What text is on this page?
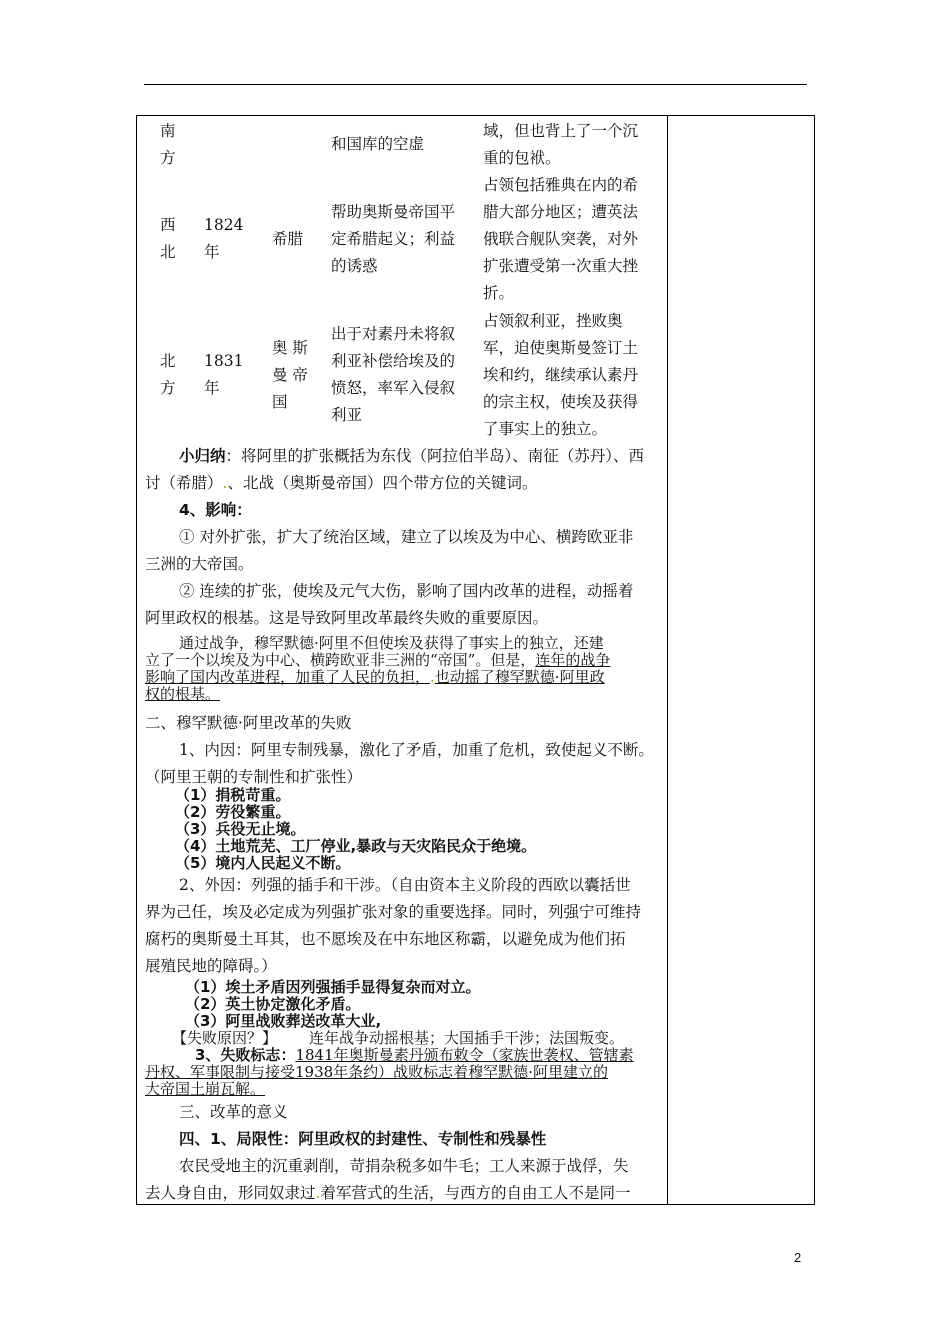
南
方
和国库的空虚
域，但也背上了一个沉
重的包袱。
西
北
1824
年
希腊
帮助奥斯曼帝国平
定希腊起义；利益
的诱惑
占领包括雅典在内的希
腊大部分地区；遭英法
俄联合舰队突袭，对外
扩张遭受第一次重大挫
折。
北
方
1831
年
奥 斯
曼 帝
国
出于对素丹未将叙
利亚补偿给埃及的
愤怒，率军入侵叙
利亚
占领叙利亚，挫败奥
军，迫使奥斯曼签订土
埃和约，继续承认素丹
的宗主权，使埃及获得
了事实上的独立。
小归纳：将阿里的扩张概括为东伐（阿拉伯半岛）、南征（苏丹）、西
讨（希腊）.、北战（奥斯曼帝国）四个带方位的关键词。
4、影响：
① 对外扩张，扩大了统治区域，建立了以埃及为中心、横跨欧亚非
三洲的大帝国。
② 连续的扩张，使埃及元气大伤，影响了国内改革的进程，动摇着
阿里政权的根基。这是导致阿里改革最终失败的重要原因。
通过战争，穆罕默德·阿里不但使埃及获得了事实上的独立，还建
立了一个以埃及为中心、横跨欧亚非三洲的“帝国”。但是，连年的战争
影响了国内改革进程，加重了人民的负担，.也动摇了穆罕默德·阿里政
权的根基。
二、穆罕默德·阿里改革的失败
1、内因：阿里专制残暴，激化了矛盾，加重了危机，致使起义不断。
（阿里王朝的专制性和扩张性）
（1）捐税苛重。
（2）劳役繁重。
（3）兵役无止境。
（4）土地荒芜、工厂停业,暴政与天灾陷民众于绝境。
（5）境内人民起义不断。
2、外因：列强的插手和干涉。（自由资本主义阶段的西欧以囊括世
界为己任，埃及必定成为列强扩张对象的重要选择。同时，列强宁可维持
腐朽的奥斯曼土耳其，也不愿埃及在中东地区称霸，以避免成为他们拓
展殖民地的障碍。）
（1）埃土矛盾因列强插手显得复杂而对立。
（2）英土协定激化矛盾。
（3）阿里战败葬送改革大业,
【失败原因？】 连年战争动摇根基；大国插手干涉；法国叛变。
3、失败标志：1841年奥斯曼素丹颁布敕令（家族世袭权、管辖素
丹权、军事限制与接受1938年条约）战败标志着穆罕默德·阿里建立的
大帝国土崩瓦解。
三、改革的意义
四、1、局限性：阿里政权的封建性、专制性和残暴性
农民受地主的沉重剥削，苛捐杂税多如牛毛；工人来源于战俘，失
去人身自由，形同奴隶过.着军营式的生活，与西方的自由工人不是同一
2
